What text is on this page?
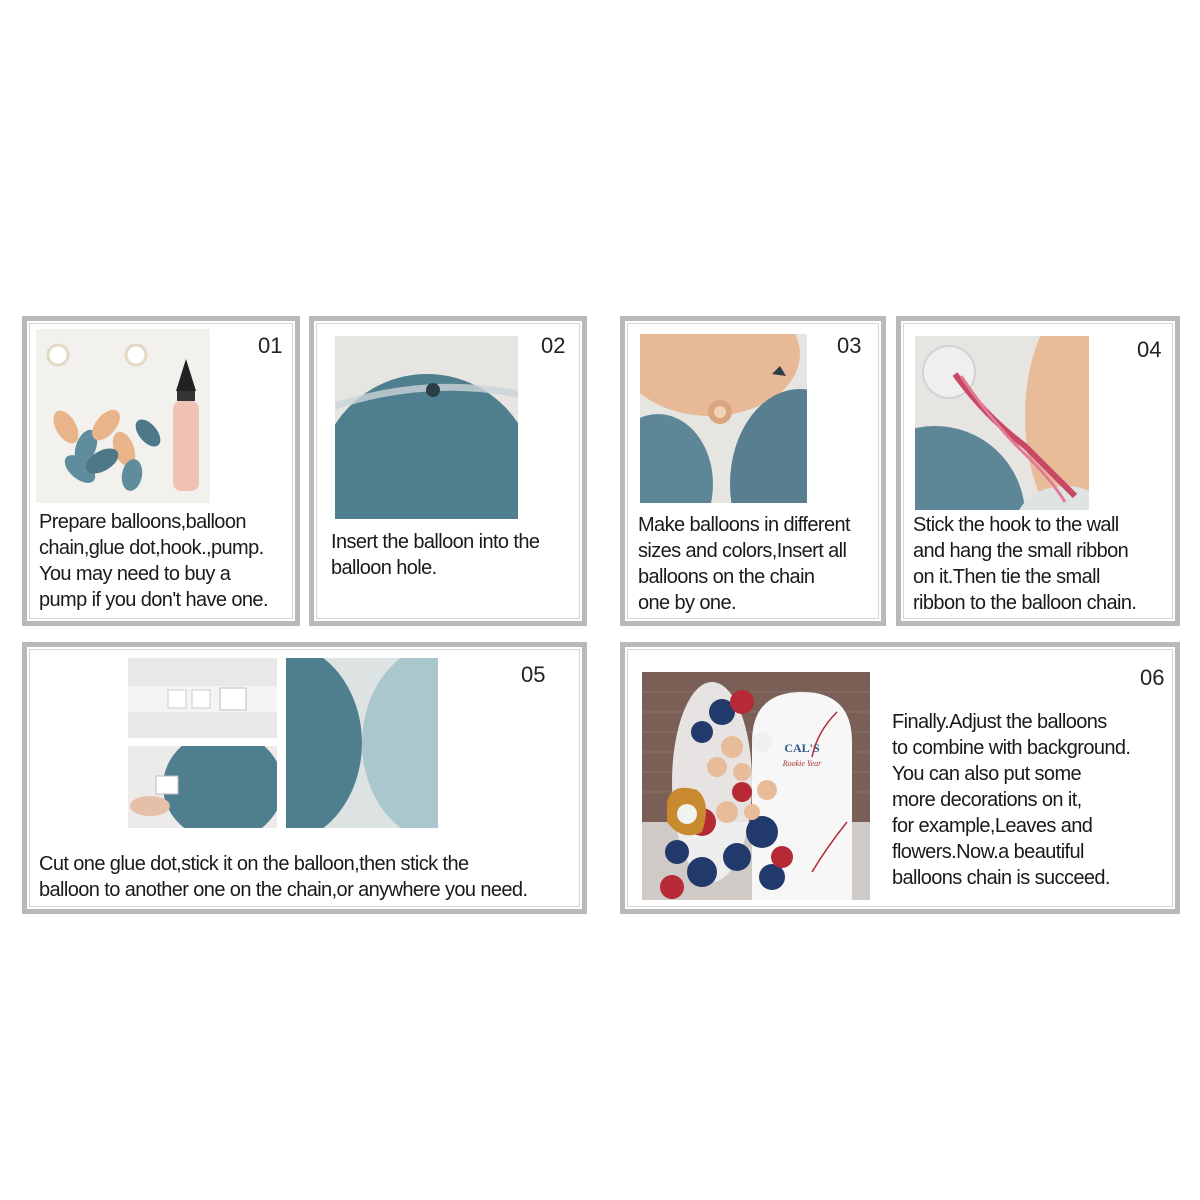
01
Prepare balloons,balloon
chain,glue dot,hook.,pump.
You may need to buy a
pump if you don't have one.
02
Insert the balloon into the
balloon hole.
03
Make balloons in different
sizes and colors,Insert all
balloons on the chain
one by one.
04
Stick the hook to the wall
and hang the small ribbon
on it.Then tie the small
ribbon to the balloon chain.
05
Cut one glue dot,stick it on the balloon,then stick the
balloon to another one on the chain,or anywhere you need.
CAL'S
Rookie Year
06
Finally.Adjust the balloons
to combine with background.
You can also put some
more decorations on it,
for example,Leaves and
flowers.Now.a beautiful
balloons chain is succeed.
